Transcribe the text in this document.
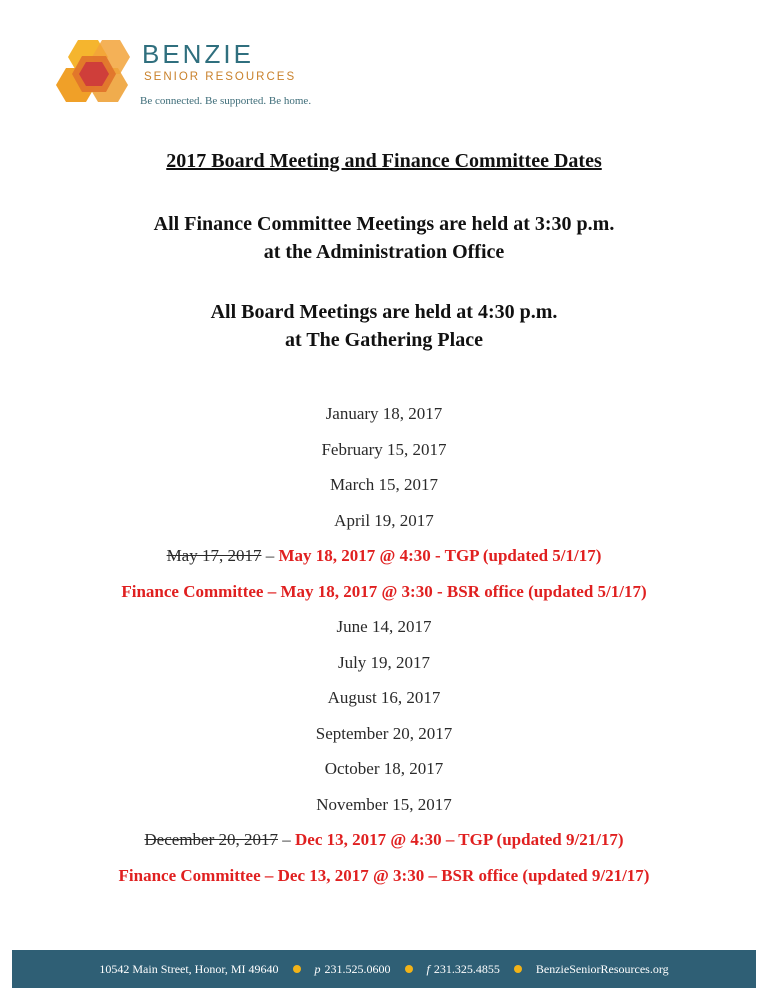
BENZIE
SENIOR RESOURCES
Be connected. Be supported. Be home.
2017 Board Meeting and Finance Committee Dates
All Finance Committee Meetings are held at 3:30 p.m.
at the Administration Office
All Board Meetings are held at 4:30 p.m.
at The Gathering Place
January 18, 2017
February 15, 2017
March 15, 2017
April 19, 2017
May 17, 2017 – May 18, 2017 @ 4:30 - TGP (updated 5/1/17)
Finance Committee – May 18, 2017 @ 3:30 - BSR office (updated 5/1/17)
June 14, 2017
July 19, 2017
August 16, 2017
September 20, 2017
October 18, 2017
November 15, 2017
December 20, 2017 – Dec 13, 2017 @ 4:30 – TGP (updated 9/21/17)
Finance Committee – Dec 13, 2017 @ 3:30 – BSR office (updated 9/21/17)
10542 Main Street, Honor, MI 49640	p 231.525.0600	f 231.325.4855	BenzieSeniorResources.org
